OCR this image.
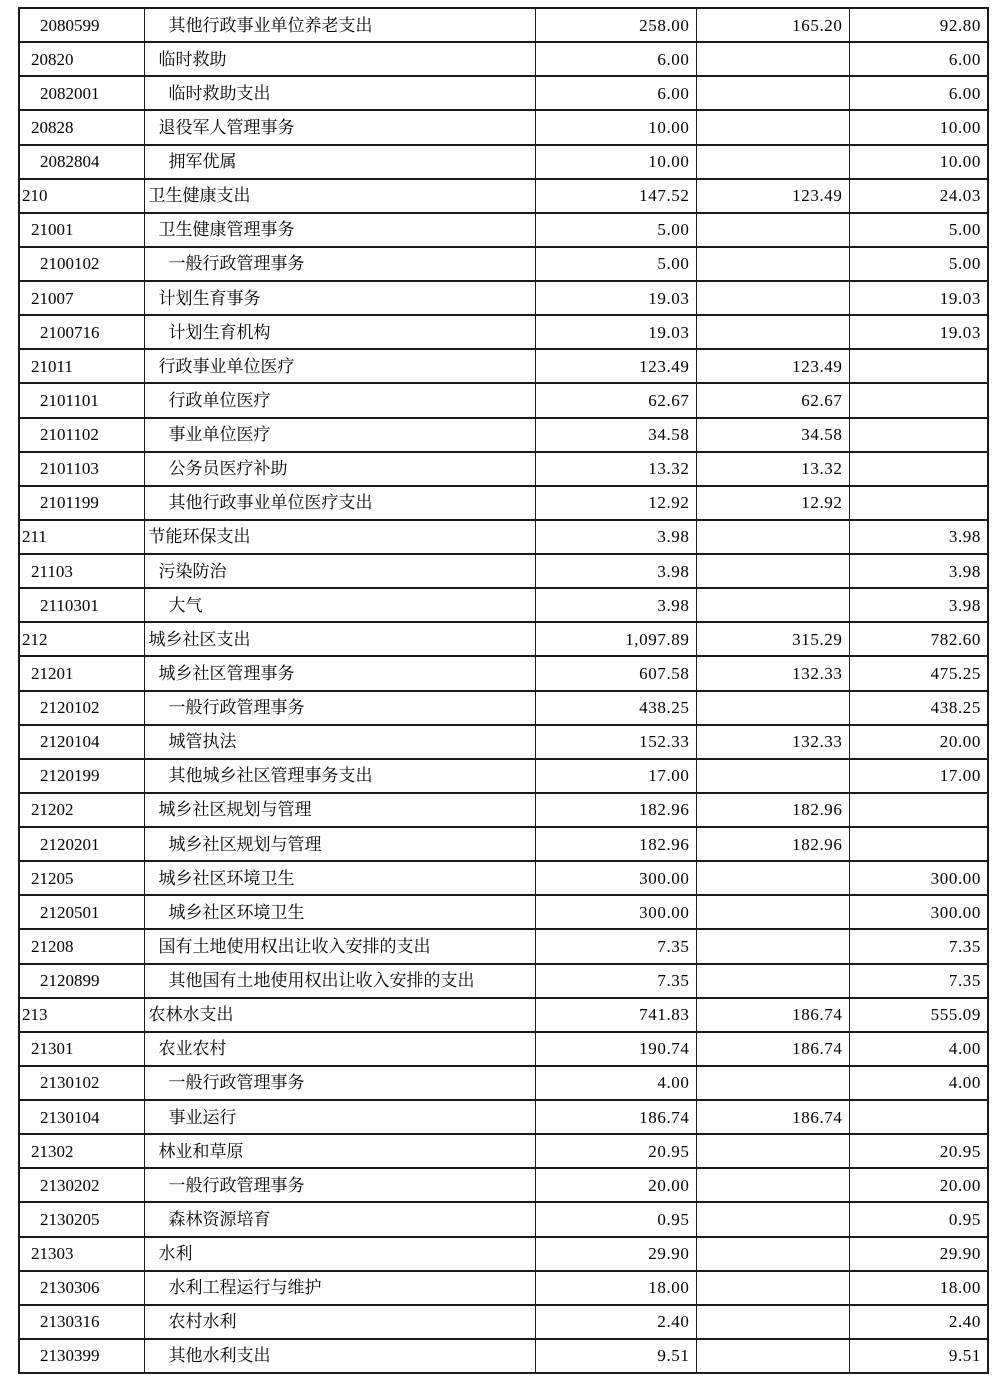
2080599	其他行政事业单位养老支出	258.00	165.20	92.80
20820	临时救助	6.00		6.00
2082001	临时救助支出	6.00		6.00
20828	退役军人管理事务	10.00		10.00
2082804	拥军优属	10.00		10.00
210	卫生健康支出	147.52	123.49	24.03
21001	卫生健康管理事务	5.00		5.00
2100102	一般行政管理事务	5.00		5.00
21007	计划生育事务	19.03		19.03
2100716	计划生育机构	19.03		19.03
21011	行政事业单位医疗	123.49	123.49	
2101101	行政单位医疗	62.67	62.67	
2101102	事业单位医疗	34.58	34.58	
2101103	公务员医疗补助	13.32	13.32	
2101199	其他行政事业单位医疗支出	12.92	12.92	
211	节能环保支出	3.98		3.98
21103	污染防治	3.98		3.98
2110301	大气	3.98		3.98
212	城乡社区支出	1,097.89	315.29	782.60
21201	城乡社区管理事务	607.58	132.33	475.25
2120102	一般行政管理事务	438.25		438.25
2120104	城管执法	152.33	132.33	20.00
2120199	其他城乡社区管理事务支出	17.00		17.00
21202	城乡社区规划与管理	182.96	182.96	
2120201	城乡社区规划与管理	182.96	182.96	
21205	城乡社区环境卫生	300.00		300.00
2120501	城乡社区环境卫生	300.00		300.00
21208	国有土地使用权出让收入安排的支出	7.35		7.35
2120899	其他国有土地使用权出让收入安排的支出	7.35		7.35
213	农林水支出	741.83	186.74	555.09
21301	农业农村	190.74	186.74	4.00
2130102	一般行政管理事务	4.00		4.00
2130104	事业运行	186.74	186.74	
21302	林业和草原	20.95		20.95
2130202	一般行政管理事务	20.00		20.00
2130205	森林资源培育	0.95		0.95
21303	水利	29.90		29.90
2130306	水利工程运行与维护	18.00		18.00
2130316	农村水利	2.40		2.40
2130399	其他水利支出	9.51		9.51
